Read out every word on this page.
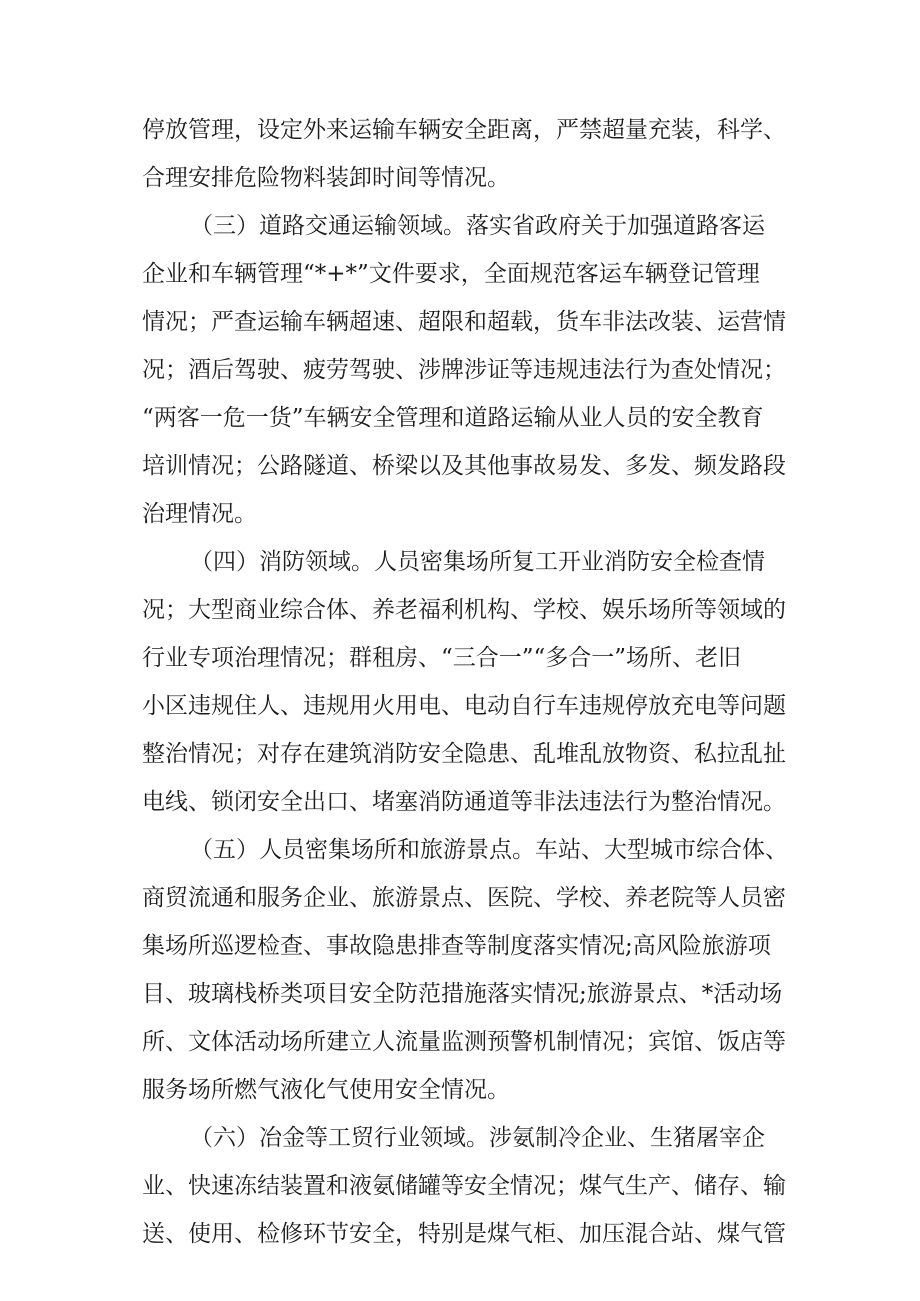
停放管理，设定外来运输车辆安全距离，严禁超量充装，科学、

合理安排危险物料装卸时间等情况。

（三）道路交通运输领域。落实省政府关于加强道路客运

企业和车辆管理“*+*”文件要求，全面规范客运车辆登记管理

情况；严查运输车辆超速、超限和超载，货车非法改装、运营情

况；酒后驾驶、疲劳驾驶、涉牌涉证等违规违法行为查处情况；

“两客一危一货”车辆安全管理和道路运输从业人员的安全教育

培训情况；公路隧道、桥梁以及其他事故易发、多发、频发路段

治理情况。

（四）消防领域。人员密集场所复工开业消防安全检查情

况；大型商业综合体、养老福利机构、学校、娱乐场所等领域的

行业专项治理情况；群租房、“三合一”“多合一”场所、老旧

小区违规住人、违规用火用电、电动自行车违规停放充电等问题

整治情况；对存在建筑消防安全隐患、乱堆乱放物资、私拉乱扯

电线、锁闭安全出口、堵塞消防通道等非法违法行为整治情况。

（五）人员密集场所和旅游景点。车站、大型城市综合体、

商贸流通和服务企业、旅游景点、医院、学校、养老院等人员密

集场所巡逻检查、事故隐患排查等制度落实情况;高风险旅游项

目、玻璃栈桥类项目安全防范措施落实情况;旅游景点、*活动场

所、文体活动场所建立人流量监测预警机制情况；宾馆、饭店等

服务场所燃气液化气使用安全情况。

（六）冶金等工贸行业领域。涉氨制冷企业、生猪屠宰企

业、快速冻结装置和液氨储罐等安全情况；煤气生产、储存、输

送、使用、检修环节安全，特别是煤气柜、加压混合站、煤气管
